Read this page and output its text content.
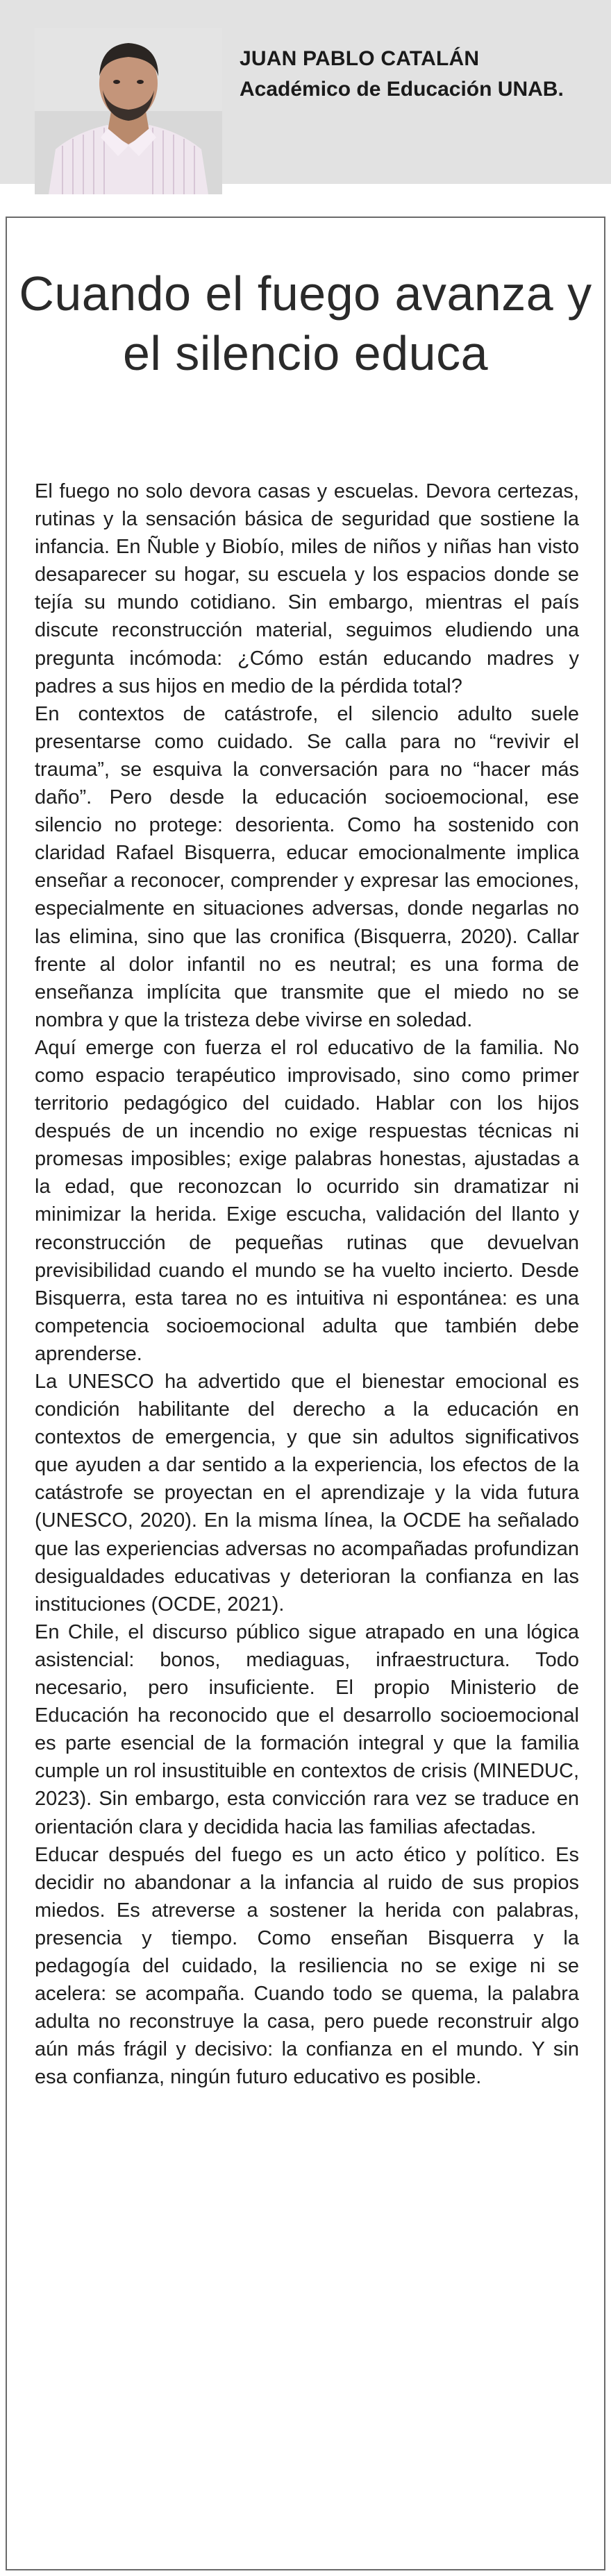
JUAN PABLO CATALÁN
Académico de Educación UNAB.
Cuando el fuego avanza y el silencio educa

El fuego no solo devora casas y escuelas. Devora certezas, rutinas y la sensación básica de seguridad que sostiene la infancia. En Ñuble y Biobío, miles de niños y niñas han visto desaparecer su hogar, su escuela y los espacios donde se tejía su mundo cotidiano. Sin embargo, mientras el país discute reconstrucción material, seguimos eludiendo una pregunta incómoda: ¿Cómo están educando madres y padres a sus hijos en medio de la pérdida total?

En contextos de catástrofe, el silencio adulto suele presentarse como cuidado. Se calla para no “revivir el trauma”, se esquiva la conversación para no “hacer más daño”. Pero desde la educación socioemocional, ese silencio no protege: desorienta. Como ha sostenido con claridad Rafael Bisquerra, educar emocionalmente implica enseñar a reconocer, comprender y expresar las emociones, especialmente en situaciones adversas, donde negarlas no las elimina, sino que las cronifica (Bisquerra, 2020). Callar frente al dolor infantil no es neutral; es una forma de enseñanza implícita que transmite que el miedo no se nombra y que la tristeza debe vivirse en soledad.

Aquí emerge con fuerza el rol educativo de la familia. No como espacio terapéutico improvisado, sino como primer territorio pedagógico del cuidado. Hablar con los hijos después de un incendio no exige respuestas técnicas ni promesas imposibles; exige palabras honestas, ajustadas a la edad, que reconozcan lo ocurrido sin dramatizar ni minimizar la herida. Exige escucha, validación del llanto y reconstrucción de pequeñas rutinas que devuelvan previsibilidad cuando el mundo se ha vuelto incierto. Desde Bisquerra, esta tarea no es intuitiva ni espontánea: es una competencia socioemocional adulta que también debe aprenderse.

La UNESCO ha advertido que el bienestar emocional es condición habilitante del derecho a la educación en contextos de emergencia, y que sin adultos significativos que ayuden a dar sentido a la experiencia, los efectos de la catástrofe se proyectan en el aprendizaje y la vida futura (UNESCO, 2020). En la misma línea, la OCDE ha señalado que las experiencias adversas no acompañadas profundizan desigualdades educativas y deterioran la confianza en las instituciones (OCDE, 2021).

En Chile, el discurso público sigue atrapado en una lógica asistencial: bonos, mediaguas, infraestructura. Todo necesario, pero insuficiente. El propio Ministerio de Educación ha reconocido que el desarrollo socioemocional es parte esencial de la formación integral y que la familia cumple un rol insustituible en contextos de crisis (MINEDUC, 2023). Sin embargo, esta convicción rara vez se traduce en orientación clara y decidida hacia las familias afectadas.

Educar después del fuego es un acto ético y político. Es decidir no abandonar a la infancia al ruido de sus propios miedos. Es atreverse a sostener la herida con palabras, presencia y tiempo. Como enseñan Bisquerra y la pedagogía del cuidado, la resiliencia no se exige ni se acelera: se acompaña. Cuando todo se quema, la palabra adulta no reconstruye la casa, pero puede reconstruir algo aún más frágil y decisivo: la confianza en el mundo. Y sin esa confianza, ningún futuro educativo es posible.
